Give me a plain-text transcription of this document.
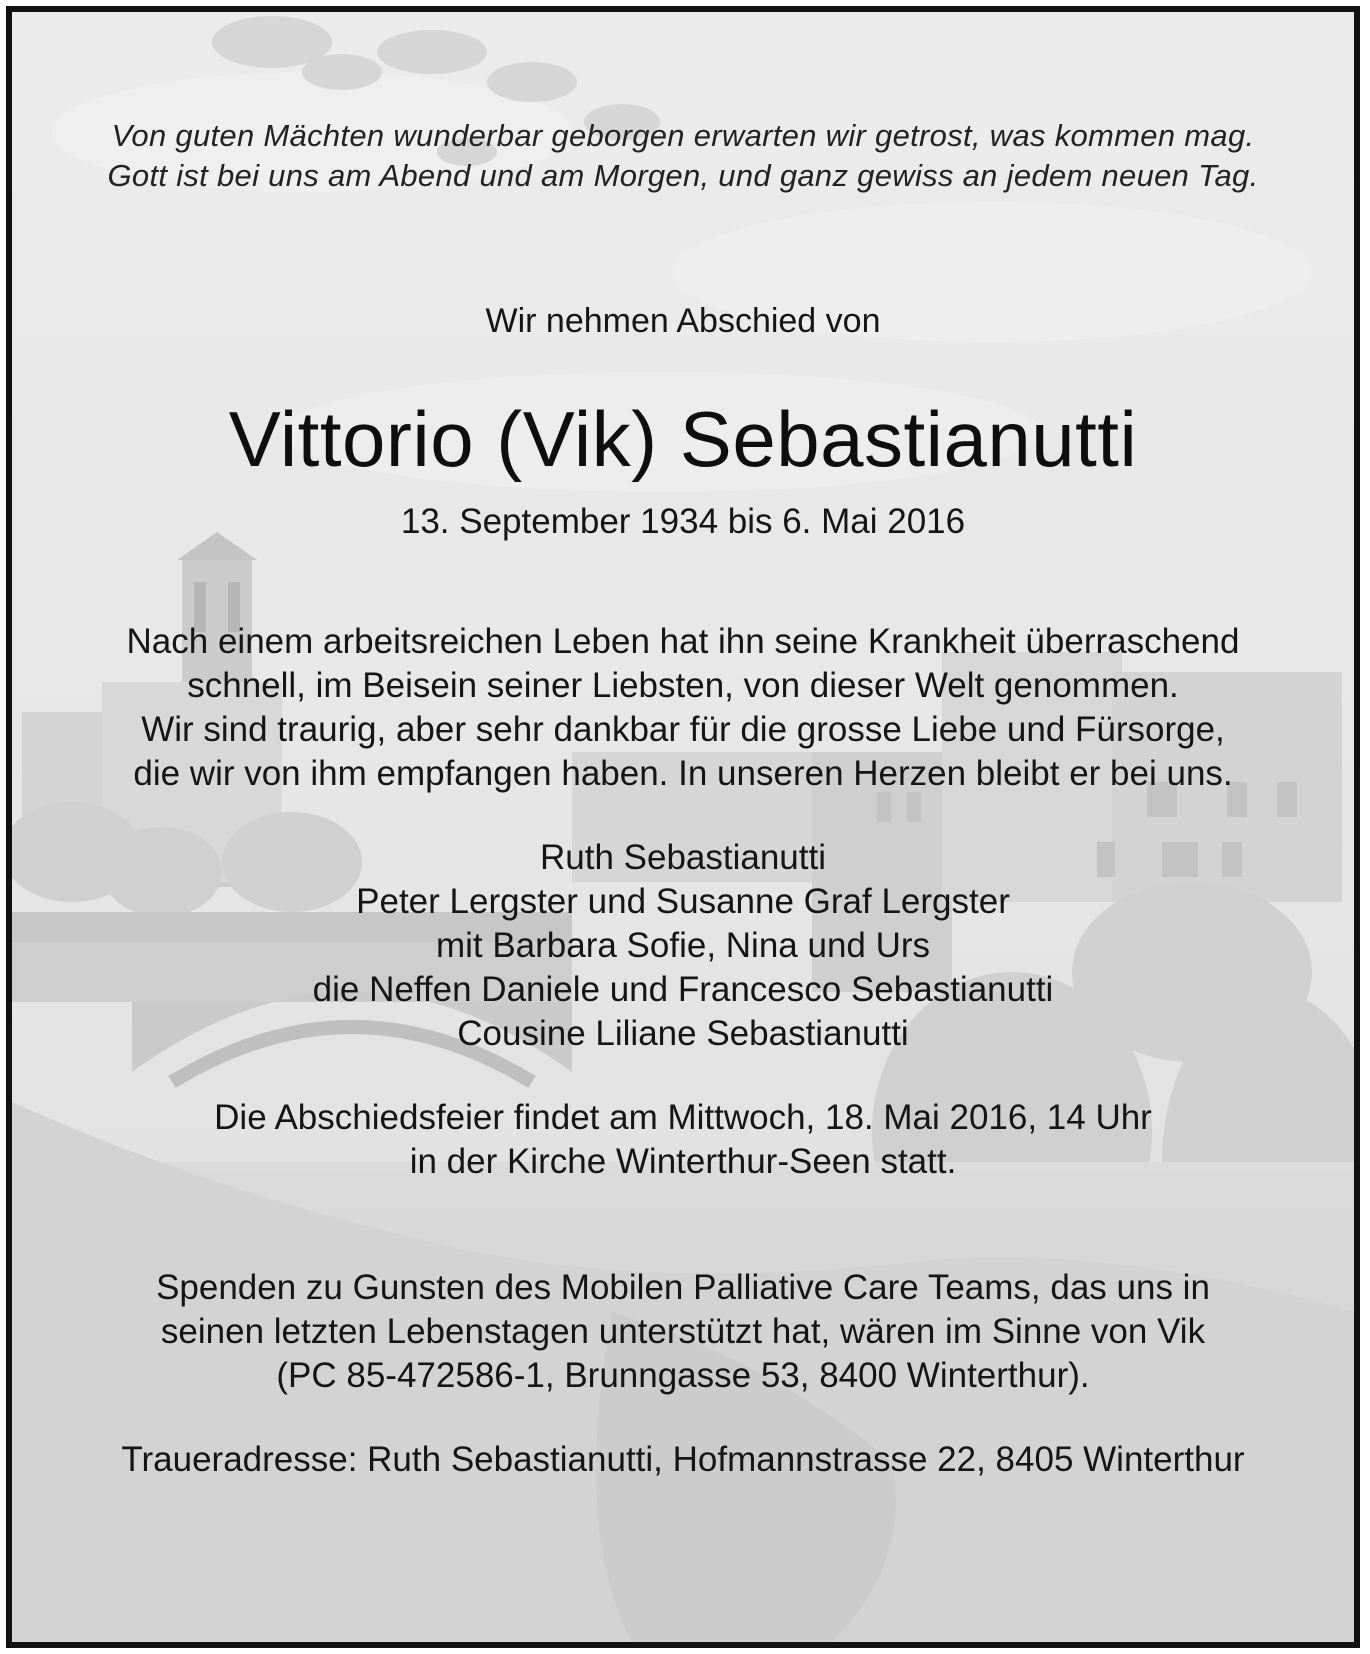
Von guten Mächten wunderbar geborgen erwarten wir getrost, was kommen mag.
Gott ist bei uns am Abend und am Morgen, und ganz gewiss an jedem neuen Tag.
Wir nehmen Abschied von
Vittorio (Vik) Sebastianutti
13. September 1934 bis 6. Mai 2016
Nach einem arbeitsreichen Leben hat ihn seine Krankheit überraschend
schnell, im Beisein seiner Liebsten, von dieser Welt genommen.
Wir sind traurig, aber sehr dankbar für die grosse Liebe und Fürsorge,
die wir von ihm empfangen haben. In unseren Herzen bleibt er bei uns.
Ruth Sebastianutti
Peter Lergster und Susanne Graf Lergster
mit Barbara Sofie, Nina und Urs
die Neffen Daniele und Francesco Sebastianutti
Cousine Liliane Sebastianutti
Die Abschiedsfeier findet am Mittwoch, 18. Mai 2016, 14 Uhr
in der Kirche Winterthur-Seen statt.
Spenden zu Gunsten des Mobilen Palliative Care Teams, das uns in
seinen letzten Lebenstagen unterstützt hat, wären im Sinne von Vik
(PC 85-472586-1, Brunngasse 53, 8400 Winterthur).
Traueradresse: Ruth Sebastianutti, Hofmannstrasse 22, 8405 Winterthur
